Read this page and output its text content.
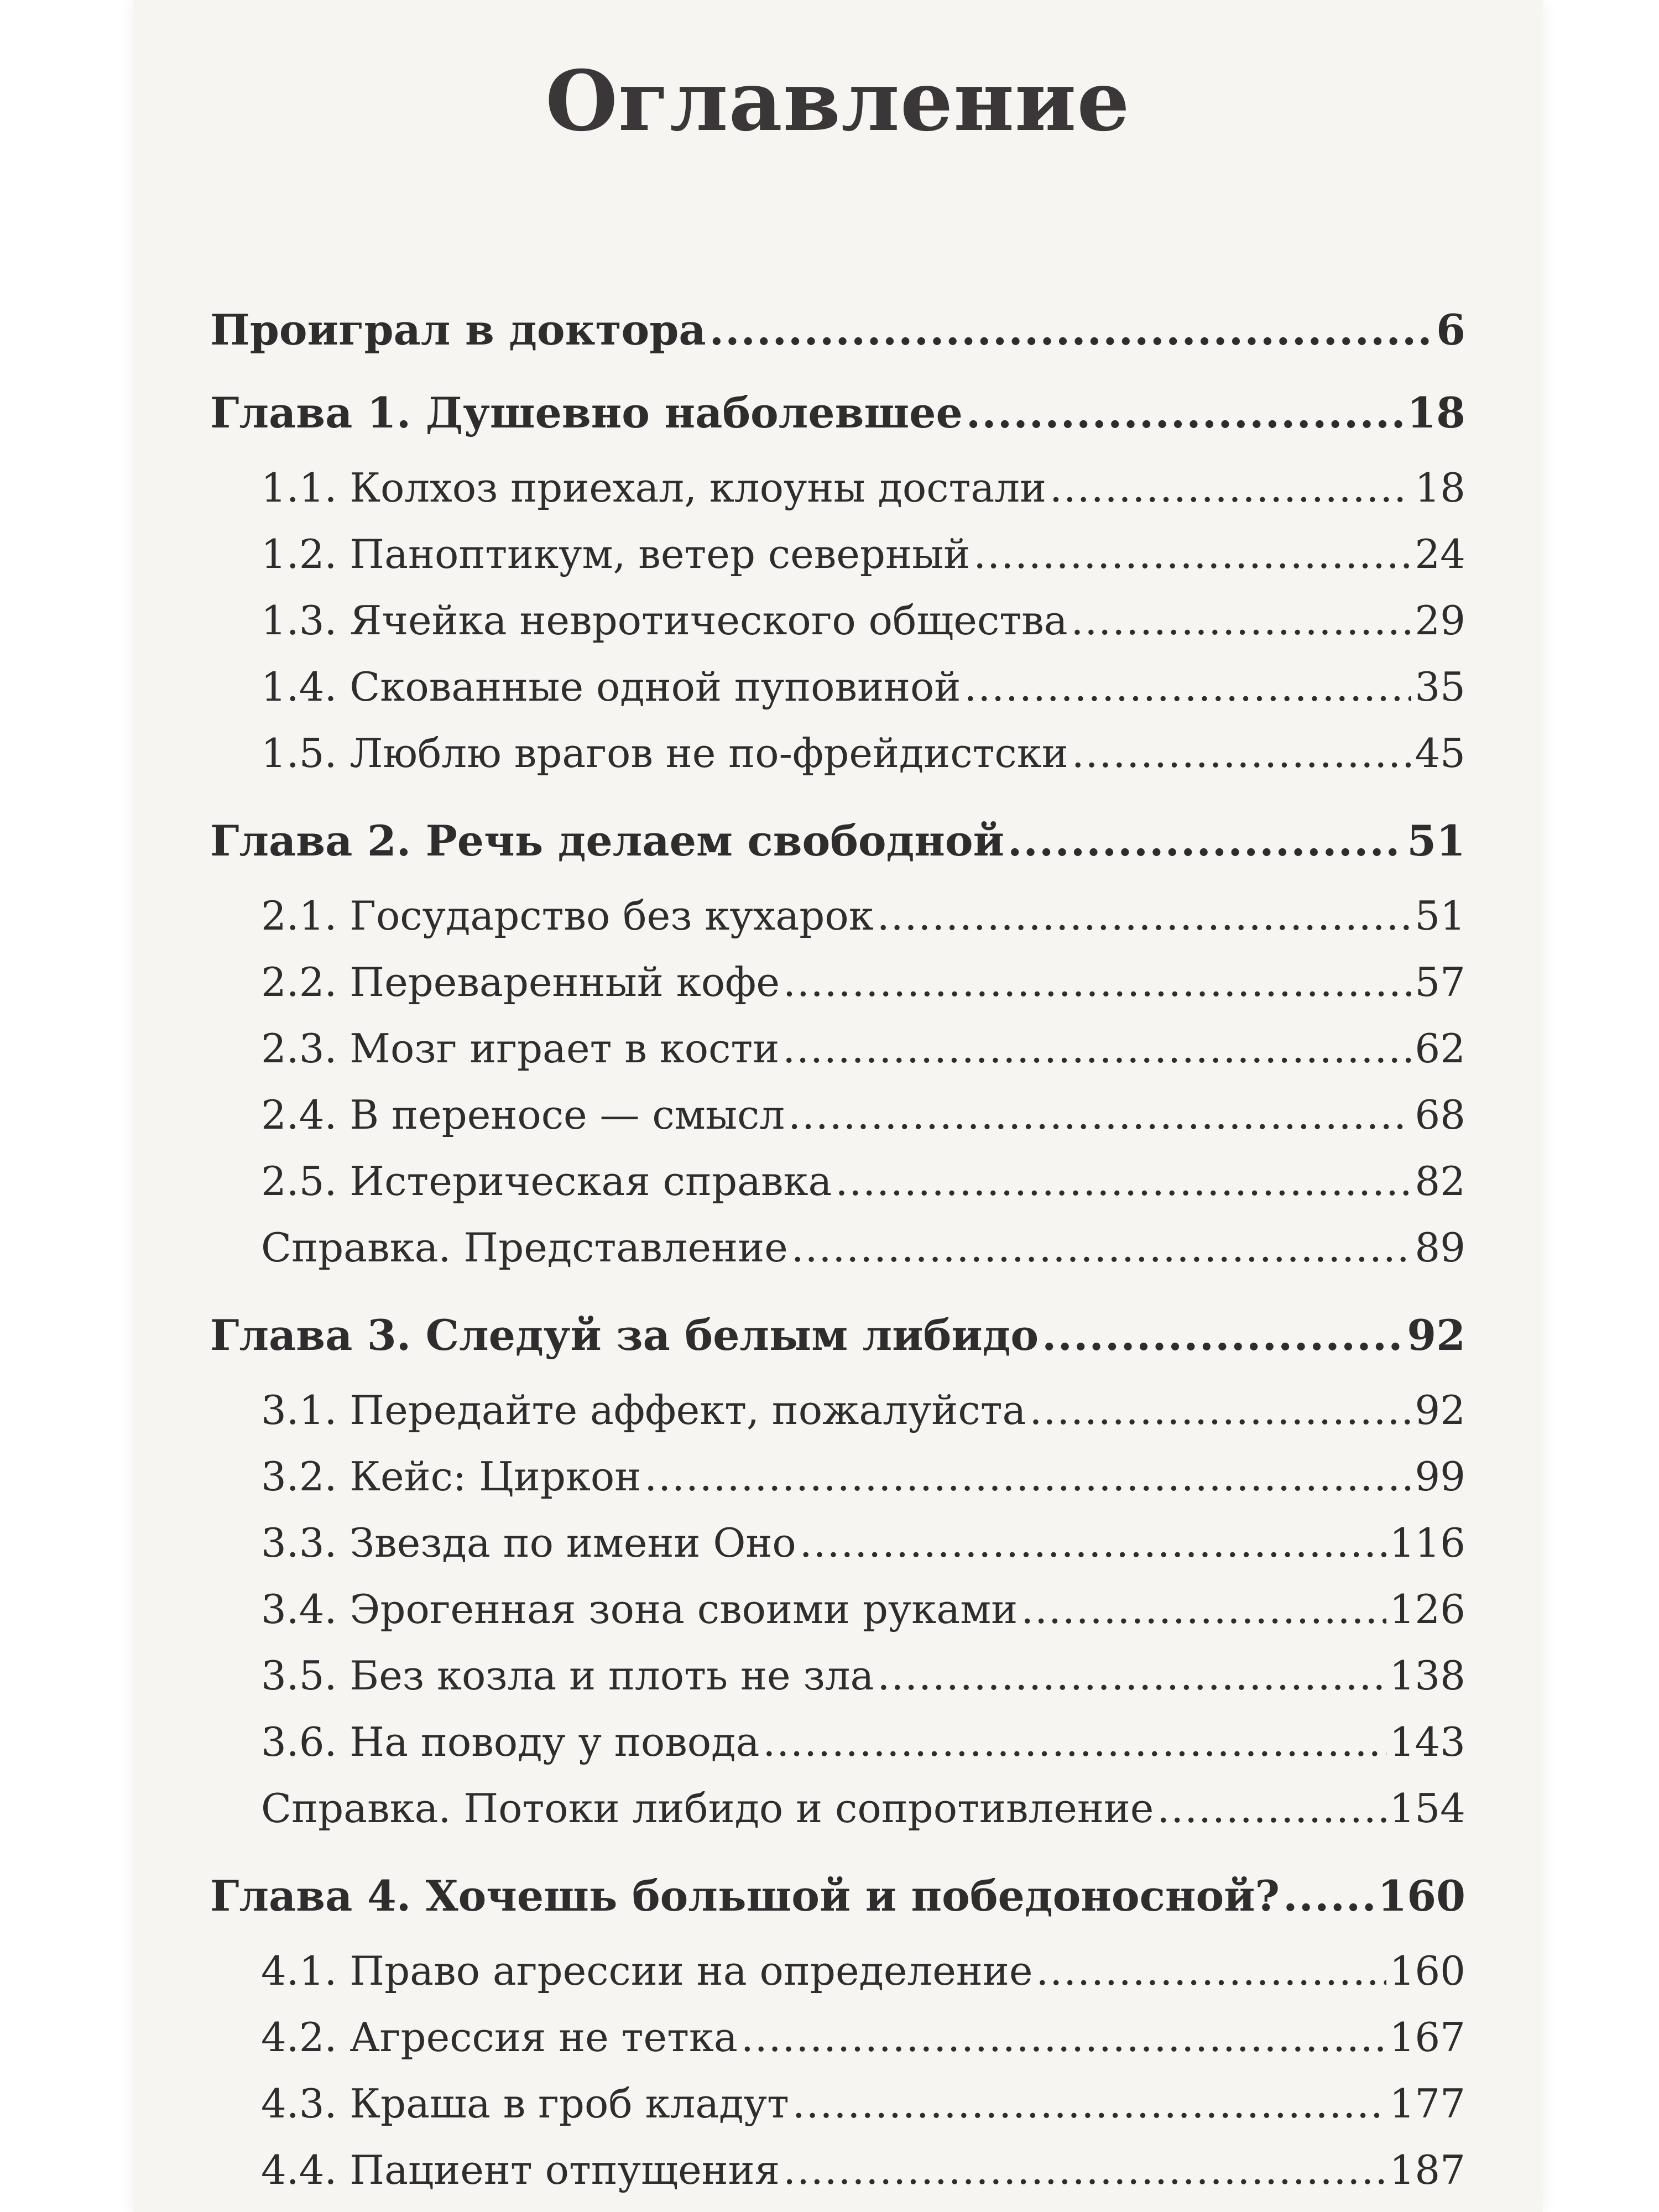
Оглавление
Проиграл в доктора .....	6
Глава 1. Душевно наболевшее .....	18
1.1. Колхоз приехал, клоуны достали .....	18
1.2. Паноптикум, ветер северный .....	24
1.3. Ячейка невротического общества .....	29
1.4. Скованные одной пуповиной .....	35
1.5. Люблю врагов не по-фрейдистски .....	45
Глава 2. Речь делаем свободной .....	51
2.1. Государство без кухарок .....	51
2.2. Переваренный кофе .....	57
2.3. Мозг играет в кости .....	62
2.4. В переносе — смысл .....	68
2.5. Истерическая справка .....	82
Справка. Представление .....	89
Глава 3. Следуй за белым либидо .....	92
3.1. Передайте аффект, пожалуйста .....	92
3.2. Кейс: Циркон .....	99
3.3. Звезда по имени Оно .....	116
3.4. Эрогенная зона своими руками .....	126
3.5. Без козла и плоть не зла .....	138
3.6. На поводу у повода .....	143
Справка. Потоки либидо и сопротивление .....	154
Глава 4. Хочешь большой и победоносной? ..... 160
4.1. Право агрессии на определение .....	160
4.2. Агрессия не тетка .....	167
4.3. Краша в гроб кладут .....	177
4.4. Пациент отпущения .....	187
